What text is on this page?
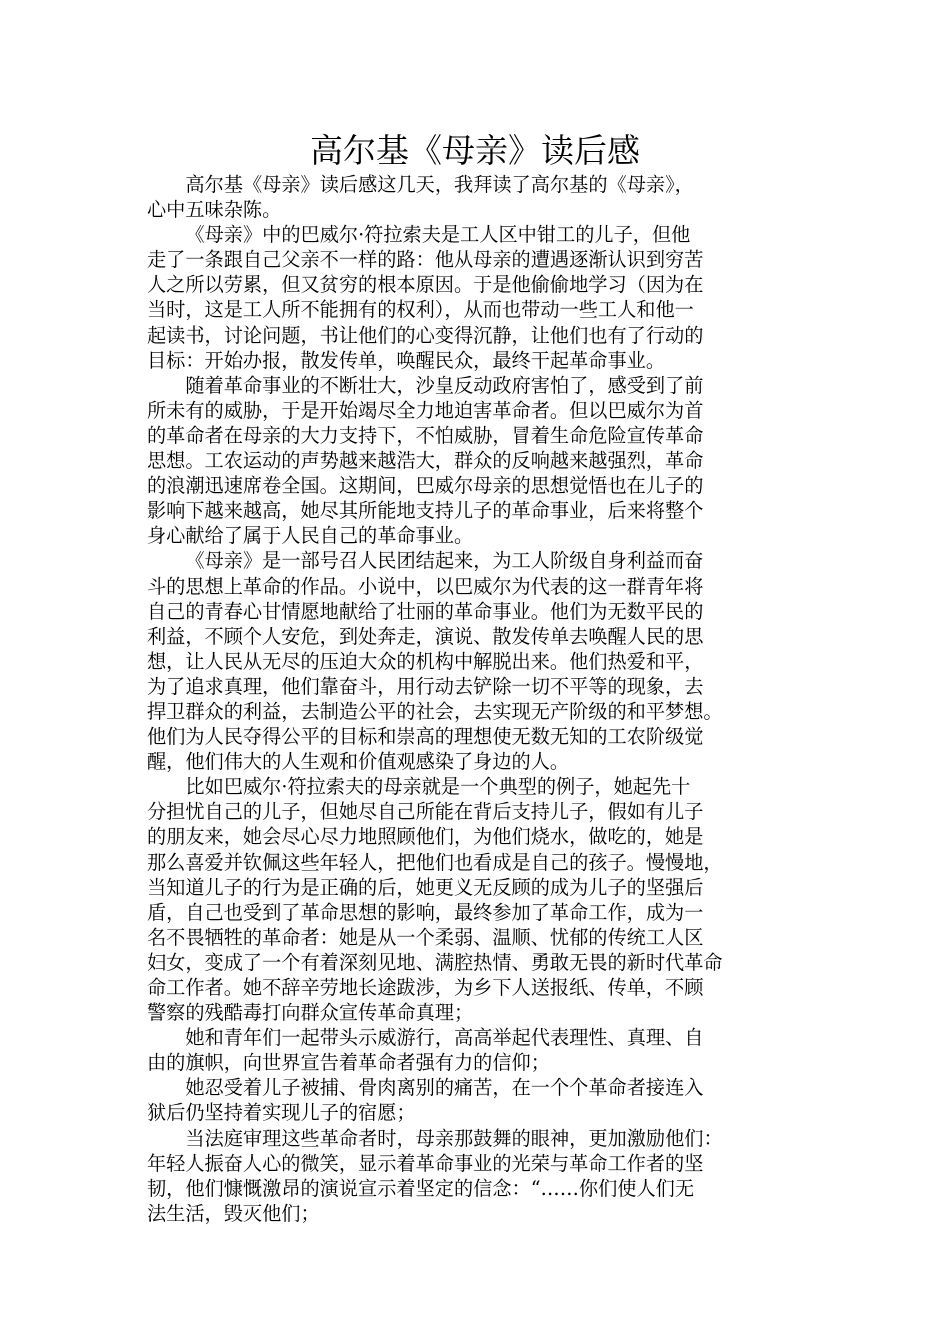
高尔基《母亲》读后感
高尔基《母亲》读后感这几天，我拜读了高尔基的《母亲》，
心中五味杂陈。
《母亲》中的巴威尔·符拉索夫是工人区中钳工的儿子，但他
走了一条跟自己父亲不一样的路：他从母亲的遭遇逐渐认识到穷苦
人之所以劳累，但又贫穷的根本原因。于是他偷偷地学习（因为在
当时，这是工人所不能拥有的权利），从而也带动一些工人和他一
起读书，讨论问题，书让他们的心变得沉静，让他们也有了行动的
目标：开始办报，散发传单，唤醒民众，最终干起革命事业。
随着革命事业的不断壮大，沙皇反动政府害怕了，感受到了前
所未有的威胁，于是开始竭尽全力地迫害革命者。但以巴威尔为首
的革命者在母亲的大力支持下，不怕威胁，冒着生命危险宣传革命
思想。工农运动的声势越来越浩大，群众的反响越来越强烈，革命
的浪潮迅速席卷全国。这期间，巴威尔母亲的思想觉悟也在儿子的
影响下越来越高，她尽其所能地支持儿子的革命事业，后来将整个
身心献给了属于人民自己的革命事业。
《母亲》是一部号召人民团结起来，为工人阶级自身利益而奋
斗的思想上革命的作品。小说中，以巴威尔为代表的这一群青年将
自己的青春心甘情愿地献给了壮丽的革命事业。他们为无数平民的
利益，不顾个人安危，到处奔走，演说、散发传单去唤醒人民的思
想，让人民从无尽的压迫大众的机构中解脱出来。他们热爱和平，
为了追求真理，他们靠奋斗，用行动去铲除一切不平等的现象，去
捍卫群众的利益，去制造公平的社会，去实现无产阶级的和平梦想。
他们为人民夺得公平的目标和崇高的理想使无数无知的工农阶级觉
醒，他们伟大的人生观和价值观感染了身边的人。
比如巴威尔·符拉索夫的母亲就是一个典型的例子，她起先十
分担忧自己的儿子，但她尽自己所能在背后支持儿子，假如有儿子
的朋友来，她会尽心尽力地照顾他们，为他们烧水，做吃的，她是
那么喜爱并钦佩这些年轻人，把他们也看成是自己的孩子。慢慢地，
当知道儿子的行为是正确的后，她更义无反顾的成为儿子的坚强后
盾，自己也受到了革命思想的影响，最终参加了革命工作，成为一
名不畏牺牲的革命者：她是从一个柔弱、温顺、忧郁的传统工人区
妇女，变成了一个有着深刻见地、满腔热情、勇敢无畏的新时代革命
命工作者。她不辞辛劳地长途跋涉，为乡下人送报纸、传单，不顾
警察的残酷毒打向群众宣传革命真理；
她和青年们一起带头示威游行，高高举起代表理性、真理、自
由的旗帜，向世界宣告着革命者强有力的信仰；
她忍受着儿子被捕、骨肉离别的痛苦，在一个个革命者接连入
狱后仍坚持着实现儿子的宿愿；
当法庭审理这些革命者时，母亲那鼓舞的眼神，更加激励他们：
年轻人振奋人心的微笑，显示着革命事业的光荣与革命工作者的坚
韧，他们慷慨激昂的演说宣示着坚定的信念：“……你们使人们无
法生活，毁灭他们；
